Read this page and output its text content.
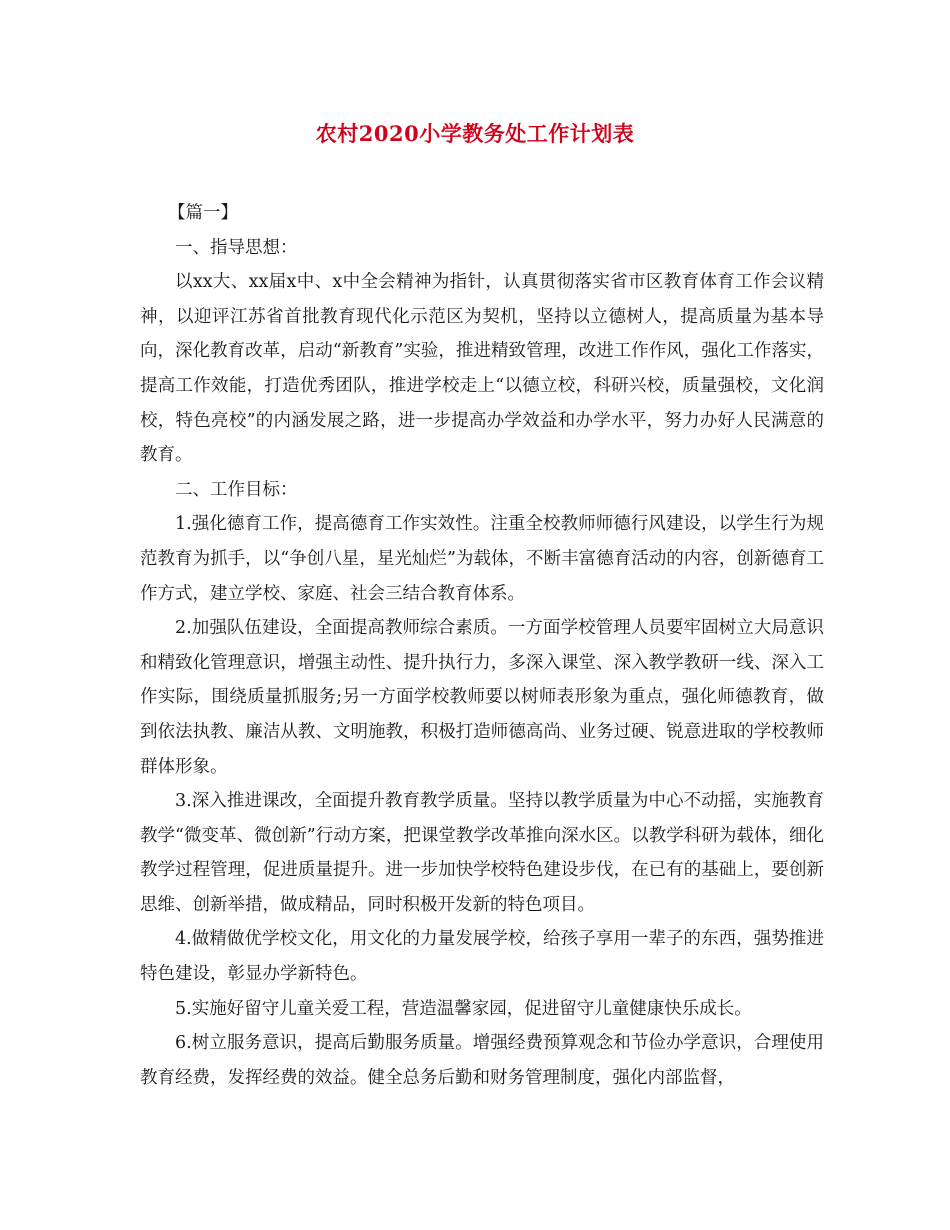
农村2020小学教务处工作计划表

【篇一】

一、指导思想：

以xx大、xx届x中、x中全会精神为指针，认真贯彻落实省市区教育体育工作会议精神，以迎评江苏省首批教育现代化示范区为契机，坚持以立德树人，提高质量为基本导向，深化教育改革，启动“新教育”实验，推进精致管理，改进工作作风，强化工作落实，提高工作效能，打造优秀团队，推进学校走上“以德立校，科研兴校，质量强校，文化润校，特色亮校”的内涵发展之路，进一步提高办学效益和办学水平，努力办好人民满意的教育。

二、工作目标：

1.强化德育工作，提高德育工作实效性。注重全校教师师德行风建设，以学生行为规范教育为抓手，以“争创八星，星光灿烂”为载体，不断丰富德育活动的内容，创新德育工作方式，建立学校、家庭、社会三结合教育体系。

2.加强队伍建设，全面提高教师综合素质。一方面学校管理人员要牢固树立大局意识和精致化管理意识，增强主动性、提升执行力，多深入课堂、深入教学教研一线、深入工作实际，围绕质量抓服务;另一方面学校教师要以树师表形象为重点，强化师德教育，做到依法执教、廉洁从教、文明施教，积极打造师德高尚、业务过硬、锐意进取的学校教师群体形象。

3.深入推进课改，全面提升教育教学质量。坚持以教学质量为中心不动摇，实施教育教学“微变革、微创新”行动方案，把课堂教学改革推向深水区。以教学科研为载体，细化教学过程管理，促进质量提升。进一步加快学校特色建设步伐，在已有的基础上，要创新思维、创新举措，做成精品，同时积极开发新的特色项目。

4.做精做优学校文化，用文化的力量发展学校，给孩子享用一辈子的东西，强势推进特色建设，彰显办学新特色。

5.实施好留守儿童关爱工程，营造温馨家园，促进留守儿童健康快乐成长。

6.树立服务意识，提高后勤服务质量。增强经费预算观念和节俭办学意识，合理使用教育经费，发挥经费的效益。健全总务后勤和财务管理制度，强化内部监督，
